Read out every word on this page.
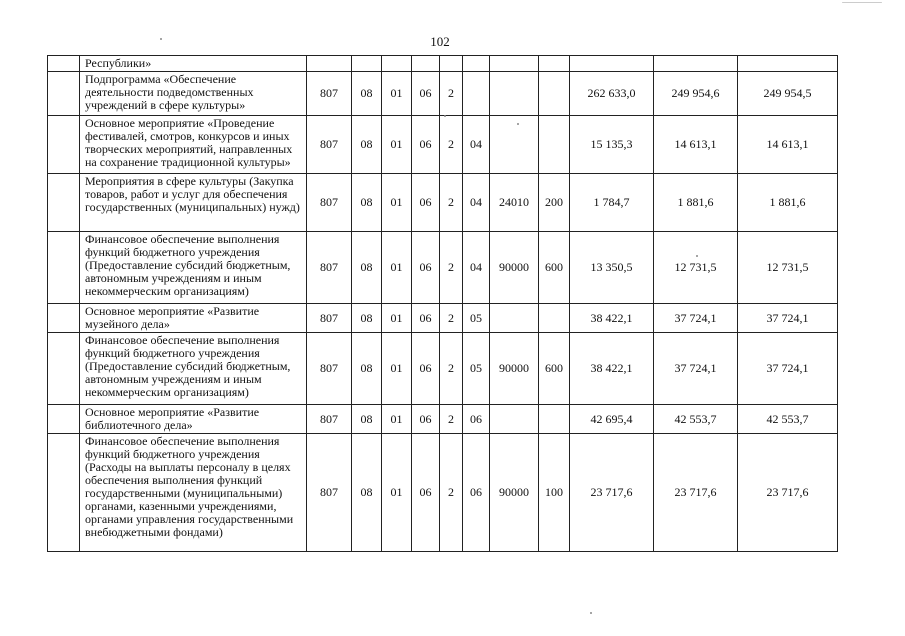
102
	Республики»											
	Подпрограмма «Обеспечение деятельности подведомственных учреждений в сфере культуры»	807	08	01	06	2				262 633,0	249 954,6	249 954,5
	Основное мероприятие «Проведение фестивалей, смотров, конкурсов и иных творческих мероприятий, направленных на сохранение традиционной культуры»	807	08	01	06	2	04			15 135,3	14 613,1	14 613,1
	Мероприятия в сфере культуры (Закупка товаров, работ и услуг для обеспечения государственных (муниципальных) нужд)	807	08	01	06	2	04	24010	200	1 784,7	1 881,6	1 881,6
	Финансовое обеспечение выполнения функций бюджетного учреждения (Предоставление субсидий бюджетным, автономным учреждениям и иным некоммерческим организациям)	807	08	01	06	2	04	90000	600	13 350,5	12 731,5	12 731,5
	Основное мероприятие «Развитие музейного дела»	807	08	01	06	2	05			38 422,1	37 724,1	37 724,1
	Финансовое обеспечение выполнения функций бюджетного учреждения (Предоставление субсидий бюджетным, автономным учреждениям и иным некоммерческим организациям)	807	08	01	06	2	05	90000	600	38 422,1	37 724,1	37 724,1
	Основное мероприятие «Развитие библиотечного дела»	807	08	01	06	2	06			42 695,4	42 553,7	42 553,7
	Финансовое обеспечение выполнения функций бюджетного учреждения (Расходы на выплаты персоналу в целях обеспечения выполнения функций государственными (муниципальными) органами, казенными учреждениями, органами управления государственными внебюджетными фондами)	807	08	01	06	2	06	90000	100	23 717,6	23 717,6	23 717,6
